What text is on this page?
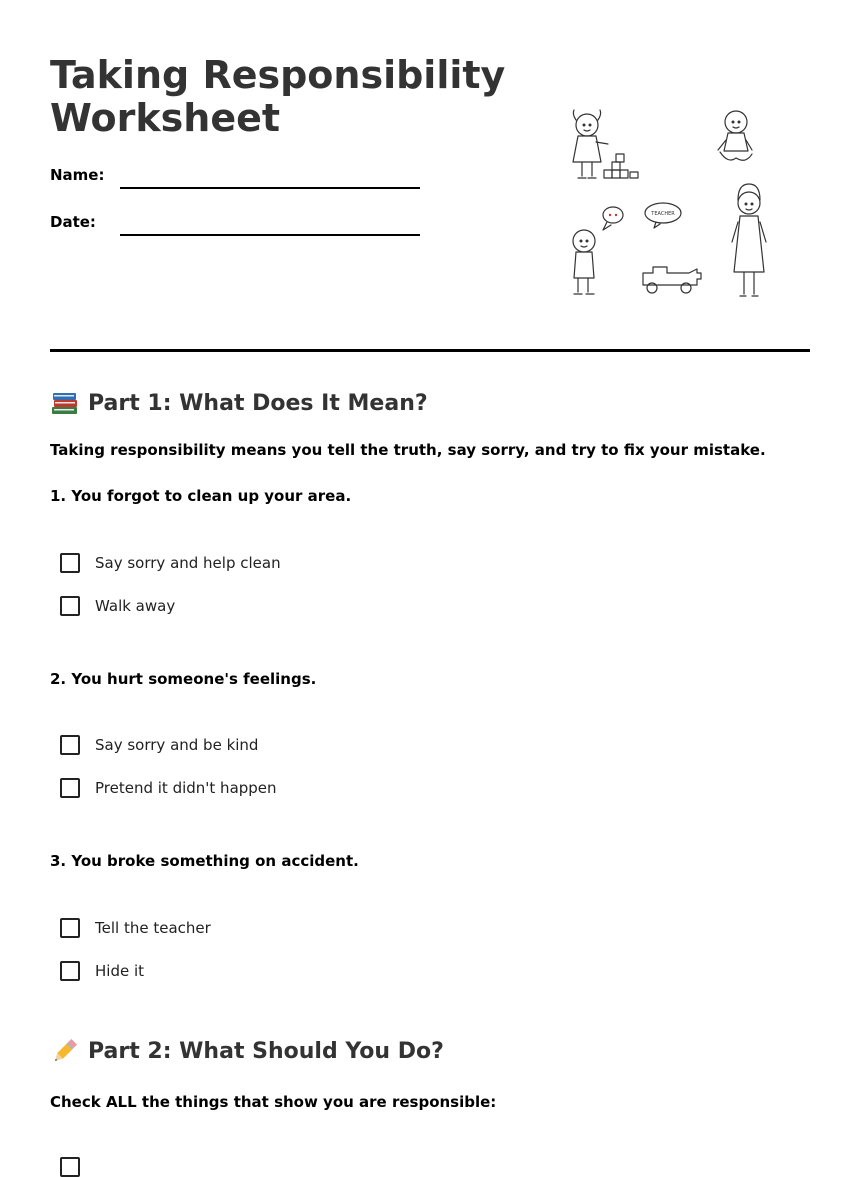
Taking Responsibility
Worksheet
Name:
Date:	TEACHER
Part 1: What Does It Mean?

Taking responsibility means you tell the truth, say sorry, and try to fix your mistake.

1. You forgot to clean up your area.

Say sorry and help clean
Walk away

2. You hurt someone's feelings.

Say sorry and be kind
Pretend it didn't happen

3. You broke something on accident.

Tell the teacher
Hide it
Part 2: What Should You Do?

Check ALL the things that show you are responsible:
